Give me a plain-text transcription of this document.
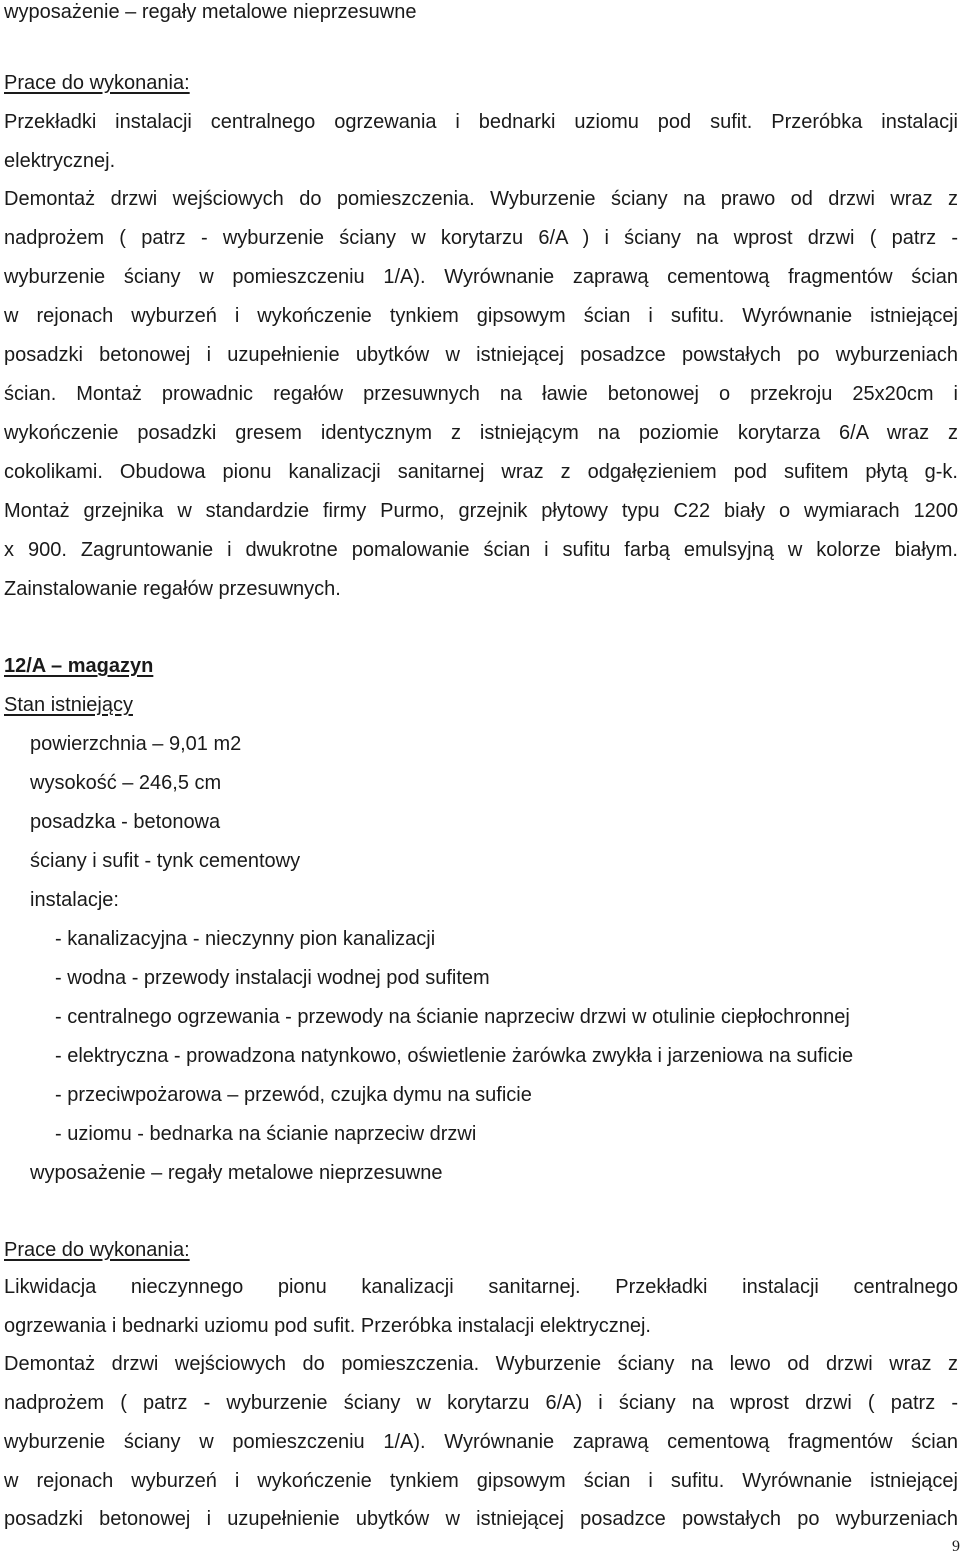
wyposażenie – regały metalowe nieprzesuwne
Prace do wykonania:
Przekładki instalacji centralnego ogrzewania i bednarki uziomu pod sufit. Przeróbka instalacji
elektrycznej.
Demontaż drzwi wejściowych do pomieszczenia. Wyburzenie ściany na prawo od drzwi wraz z
nadprożem ( patrz - wyburzenie ściany w korytarzu 6/A ) i ściany na wprost drzwi ( patrz -
wyburzenie ściany w pomieszczeniu 1/A). Wyrównanie zaprawą cementową fragmentów ścian
w rejonach wyburzeń i wykończenie tynkiem gipsowym ścian i sufitu. Wyrównanie istniejącej
posadzki betonowej i uzupełnienie ubytków w istniejącej posadzce powstałych po wyburzeniach
ścian. Montaż prowadnic regałów przesuwnych na ławie betonowej o przekroju 25x20cm i
wykończenie posadzki gresem identycznym z istniejącym na poziomie korytarza 6/A wraz z
cokolikami. Obudowa pionu kanalizacji sanitarnej wraz z odgałęzieniem pod sufitem płytą g-k.
Montaż grzejnika w standardzie firmy Purmo, grzejnik płytowy typu C22 biały o wymiarach 1200
x 900. Zagruntowanie i dwukrotne pomalowanie ścian i sufitu farbą emulsyjną w kolorze białym.
Zainstalowanie regałów przesuwnych.
12/A – magazyn
Stan istniejący
powierzchnia – 9,01 m2
wysokość – 246,5 cm
posadzka - betonowa
ściany i sufit - tynk cementowy
instalacje:
- kanalizacyjna - nieczynny pion kanalizacji
- wodna - przewody instalacji wodnej pod sufitem
- centralnego ogrzewania - przewody na ścianie naprzeciw drzwi w otulinie ciepłochronnej
- elektryczna - prowadzona natynkowo, oświetlenie żarówka zwykła i jarzeniowa na suficie
- przeciwpożarowa – przewód, czujka dymu na suficie
- uziomu - bednarka na ścianie naprzeciw drzwi
wyposażenie – regały metalowe nieprzesuwne
Prace do wykonania:
Likwidacja nieczynnego pionu kanalizacji sanitarnej. Przekładki instalacji centralnego
ogrzewania i bednarki uziomu pod sufit. Przeróbka instalacji elektrycznej.
Demontaż drzwi wejściowych do pomieszczenia. Wyburzenie ściany na lewo od drzwi wraz z
nadprożem ( patrz - wyburzenie ściany w korytarzu 6/A) i ściany na wprost drzwi ( patrz -
wyburzenie ściany w pomieszczeniu 1/A). Wyrównanie zaprawą cementową fragmentów ścian
w rejonach wyburzeń i wykończenie tynkiem gipsowym ścian i sufitu. Wyrównanie istniejącej
posadzki betonowej i uzupełnienie ubytków w istniejącej posadzce powstałych po wyburzeniach
9
